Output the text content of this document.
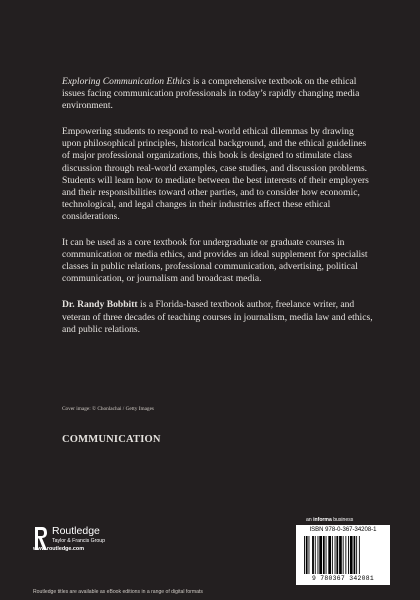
Exploring Communication Ethics is a comprehensive textbook on the ethical issues facing communication professionals in today’s rapidly changing media environment.

Empowering students to respond to real-world ethical dilemmas by drawing upon philosophical principles, historical background, and the ethical guidelines of major professional organizations, this book is designed to stimulate class discussion through real-world examples, case studies, and discussion problems. Students will learn how to mediate between the best interests of their employers and their responsibilities toward other parties, and to consider how economic, technological, and legal changes in their industries affect these ethical considerations.

It can be used as a core textbook for undergraduate or graduate courses in communication or media ethics, and provides an ideal supplement for specialist classes in public relations, professional communication, advertising, political communication, or journalism and broadcast media.

Dr. Randy Bobbitt is a Florida-based textbook author, freelance writer, and veteran of three decades of teaching courses in journalism, media law and ethics, and public relations.

Cover image: © Chonlachai / Getty Images
COMMUNICATION
Routledge
Taylor & Francis Group
www.routledge.com
an informa business
ISBN 978-0-367-34208-1
9 780367 342081
Routledge titles are available as eBook editions in a range of digital formats
